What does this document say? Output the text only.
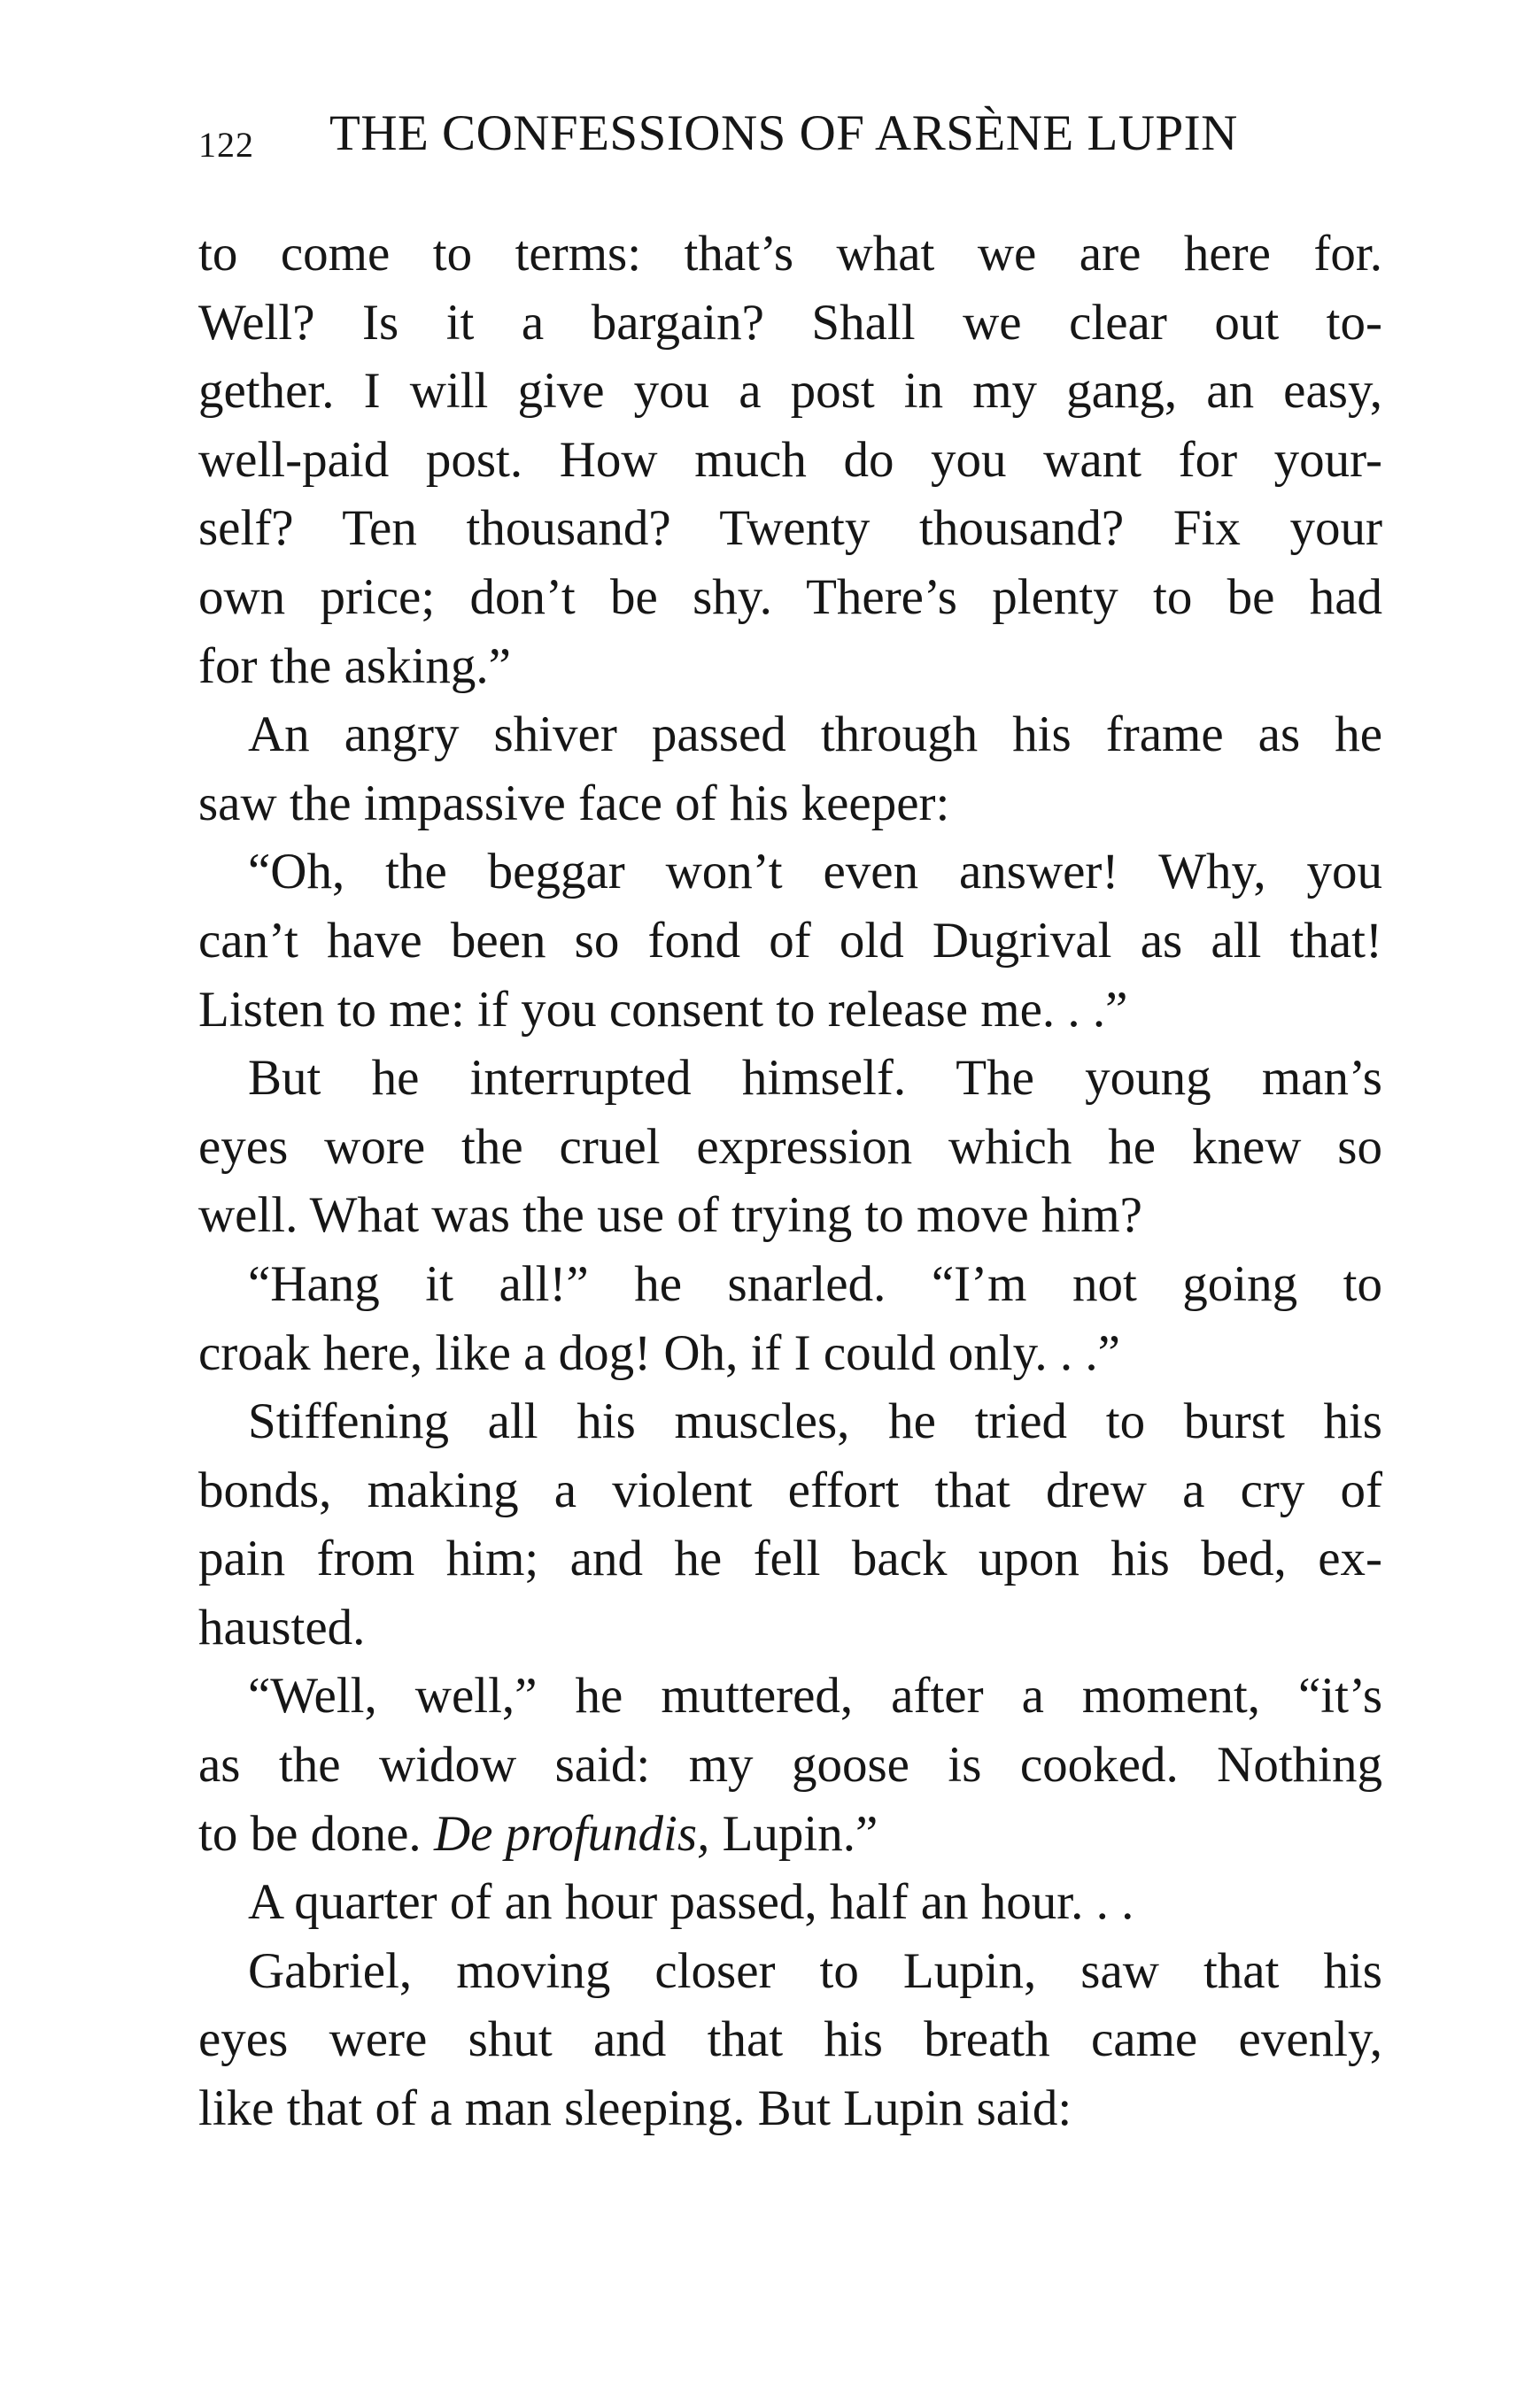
122 THE CONFESSIONS OF ARSÈNE LUPIN
to come to terms: that’s what we are here for.
Well? Is it a bargain? Shall we clear out to-
gether. I will give you a post in my gang, an easy,
well-paid post. How much do you want for your-
self? Ten thousand? Twenty thousand? Fix your
own price; don’t be shy. There’s plenty to be had
for the asking.”
An angry shiver passed through his frame as he
saw the impassive face of his keeper:
“Oh, the beggar won’t even answer! Why, you
can’t have been so fond of old Dugrival as all that!
Listen to me: if you consent to release me. . .”
But he interrupted himself. The young man’s
eyes wore the cruel expression which he knew so
well. What was the use of trying to move him?
“Hang it all!” he snarled. “I’m not going to
croak here, like a dog! Oh, if I could only. . .”
Stiffening all his muscles, he tried to burst his
bonds, making a violent effort that drew a cry of
pain from him; and he fell back upon his bed, ex-
hausted.
“Well, well,” he muttered, after a moment, “it’s
as the widow said: my goose is cooked. Nothing
to be done. De profundis, Lupin.”
A quarter of an hour passed, half an hour. . .
Gabriel, moving closer to Lupin, saw that his
eyes were shut and that his breath came evenly,
like that of a man sleeping. But Lupin said:
